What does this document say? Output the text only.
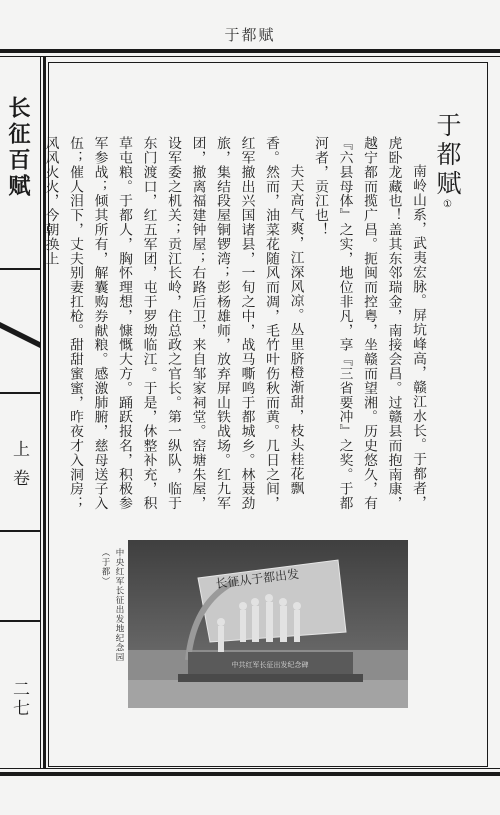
于都赋
长征百赋
上卷
二七
于都赋①

南岭山系，武夷宏脉。屏坑峰高，赣江水长。于都者，虎卧龙藏也！盖其东邻瑞金，南接会昌。过赣县而抱南康，越宁都而揽广昌。扼闽而控粤，坐赣而望湘。历史悠久，有『六县母体』之实，地位非凡，享『三省要冲』之奖。于都河者，贡江也！

夫天高气爽，江深风凉。丛里脐橙渐甜，枝头桂花飘香。然而，油菜花随风而凋，毛竹叶伤秋而黄。几日之间，红军撤出兴国诸县，一旬之中，战马嘶鸣于都城乡。林聂劲旅，集结段屋铜锣湾；彭杨雄师，放弃屏山铁战场。红九军团，撤离福建钟屋；右路后卫，来自邹家祠堂。窑塘朱屋，设军委之机关；贡江长岭，住总政之官长。第一纵队，临于东门渡口，红五军团，屯于罗坳临江。于是，休整补充，积草屯粮。于都人，胸怀理想，慷慨大方。踊跃报名，积极参军参战；倾其所有，解囊购券献粮。感激肺腑，慈母送子入伍；催人泪下，丈夫别妻扛枪。甜甜蜜蜜，昨夜才入洞房；风风火火，今朝换上

长征从于都出发
中共红军长征出发纪念碑
中央红军长征出发地纪念园
（于都）
